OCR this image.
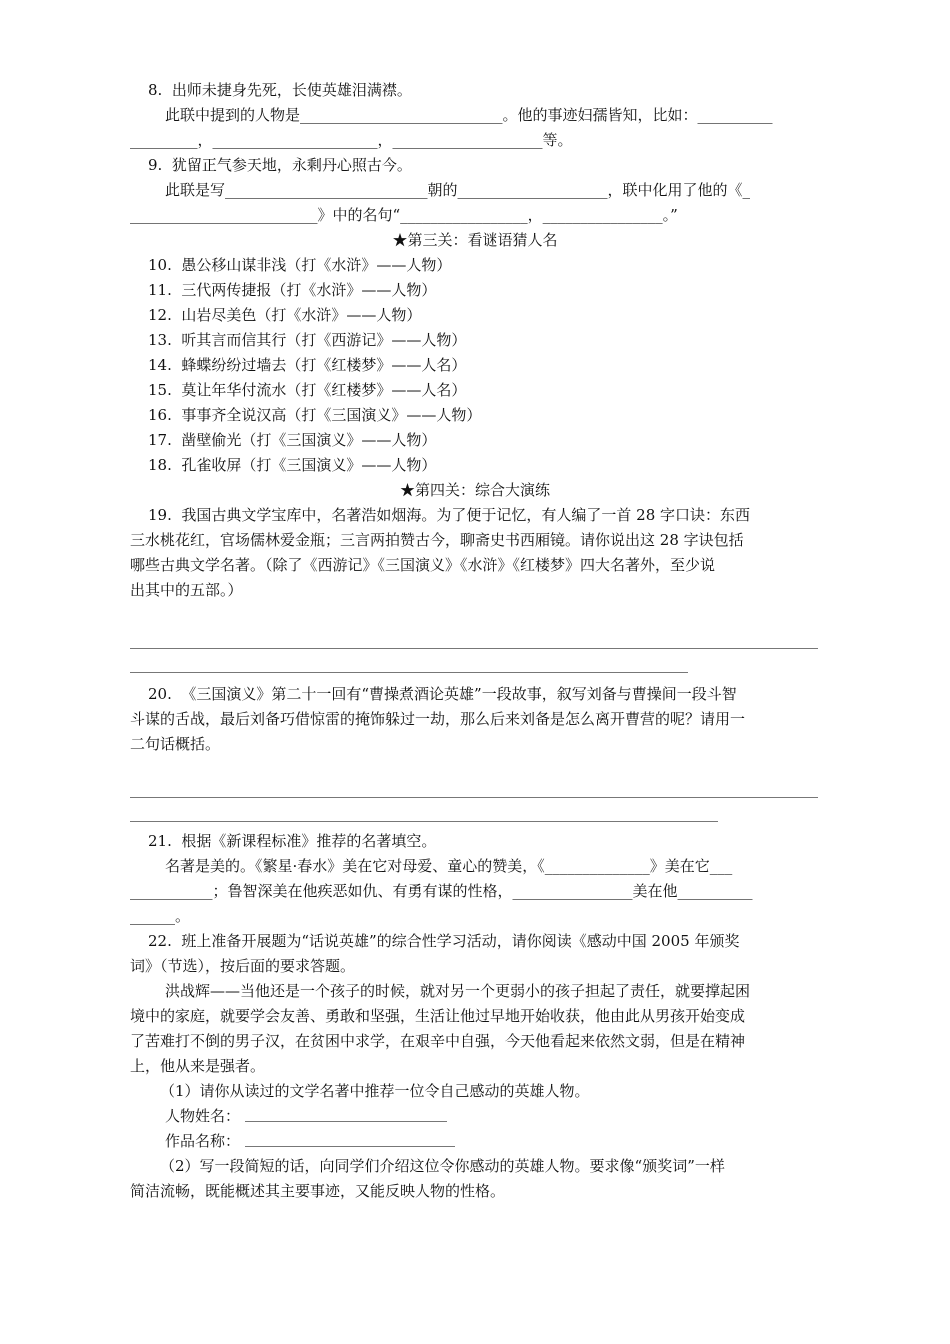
8.  出师未捷身先死，长使英雄泪满襟。
此联中提到的人物是___________________________。他的事迹妇孺皆知，比如：__________
_________，______________________，____________________等。
9.  犹留正气参天地，永剩丹心照古今。
此联是写___________________________朝的____________________，联中化用了他的《_
_________________________》中的名句“_________________，________________。”
★第三关：看谜语猜人名
10.  愚公移山谋非浅（打《水浒》——人物）
11.  三代两传捷报（打《水浒》——人物）
12.  山岩尽美色（打《水浒》——人物）
13.  听其言而信其行（打《西游记》——人物）
14.  蜂蝶纷纷过墙去（打《红楼梦》——人名）
15.  莫让年华付流水（打《红楼梦》——人名）
16.  事事齐全说汉高（打《三国演义》——人物）
17.  凿壁偷光（打《三国演义》——人物）
18.  孔雀收屏（打《三国演义》——人物）
★第四关：综合大演练
19.  我国古典文学宝库中，名著浩如烟海。为了便于记忆，有人编了一首 28 字口诀：东西
三水桃花红，官场儒林爱金瓶；三言两拍赞古今，聊斋史书西厢镜。请你说出这 28 字诀包括
哪些古典文学名著。（除了《西游记》《三国演义》《水浒》《红楼梦》四大名著外，至少说
出其中的五部。）
20.  《三国演义》第二十一回有“曹操煮酒论英雄”一段故事，叙写刘备与曹操间一段斗智
斗谋的舌战，最后刘备巧借惊雷的掩饰躲过一劫，那么后来刘备是怎么离开曹营的呢？请用一
二句话概括。
21.  根据《新课程标准》推荐的名著填空。
名著是美的。《繁星·春水》美在它对母爱、童心的赞美，《______________》美在它___
___________；鲁智深美在他疾恶如仇、有勇有谋的性格，________________美在他__________
______。
22.  班上准备开展题为“话说英雄”的综合性学习活动，请你阅读《感动中国 2005 年颁奖
词》（节选），按后面的要求答题。
洪战辉——当他还是一个孩子的时候，就对另一个更弱小的孩子担起了责任，就要撑起困
境中的家庭，就要学会友善、勇敢和坚强，生活让他过早地开始收获，他由此从男孩开始变成
了苦难打不倒的男子汉，在贫困中求学，在艰辛中自强，今天他看起来依然文弱，但是在精神
上，他从来是强者。
（1）请你从读过的文学名著中推荐一位令自己感动的英雄人物。
人物姓名：
作品名称：
（2）写一段简短的话，向同学们介绍这位令你感动的英雄人物。要求像“颁奖词”一样
简洁流畅，既能概述其主要事迹，又能反映人物的性格。
